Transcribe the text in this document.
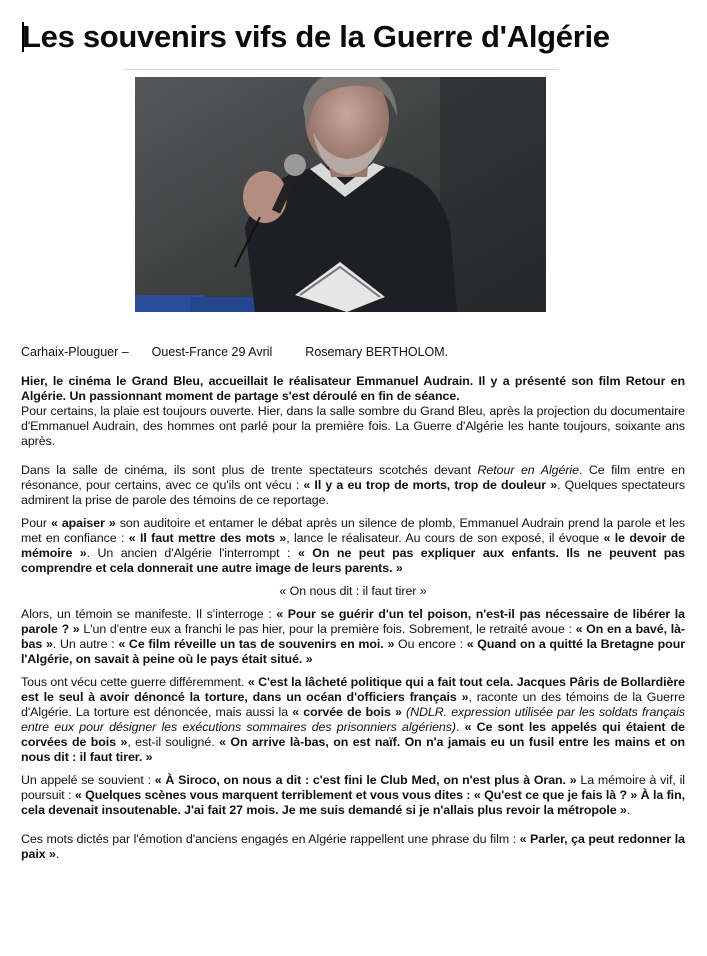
Les souvenirs vifs de la Guerre d'Algérie
Carhaix-Plouguer – Ouest-France 29 Avril	Rosemary BERTHOLOM.

Hier, le cinéma le Grand Bleu, accueillait le réalisateur Emmanuel Audrain. Il y a présenté son film Retour en Algérie. Un passionnant moment de partage s'est déroulé en fin de séance.

Pour certains, la plaie est toujours ouverte. Hier, dans la salle sombre du Grand Bleu, après la projection du documentaire d'Emmanuel Audrain, des hommes ont parlé pour la première fois. La Guerre d'Algérie les hante toujours, soixante ans après.

Dans la salle de cinéma, ils sont plus de trente spectateurs scotchés devant Retour en Algérie. Ce film entre en résonance, pour certains, avec ce qu'ils ont vécu : « Il y a eu trop de morts, trop de douleur ». Quelques spectateurs admirent la prise de parole des témoins de ce reportage.

Pour « apaiser » son auditoire et entamer le débat après un silence de plomb, Emmanuel Audrain prend la parole et les met en confiance : « Il faut mettre des mots », lance le réalisateur. Au cours de son exposé, il évoque « le devoir de mémoire ». Un ancien d'Algérie l'interrompt : « On ne peut pas expliquer aux enfants. Ils ne peuvent pas comprendre et cela donnerait une autre image de leurs parents. »

« On nous dit : il faut tirer »

Alors, un témoin se manifeste. Il s'interroge : « Pour se guérir d'un tel poison, n'est-il pas nécessaire de libérer la parole ? » L'un d'entre eux a franchi le pas hier, pour la première fois. Sobrement, le retraité avoue : « On en a bavé, là-bas ». Un autre : « Ce film réveille un tas de souvenirs en moi. » Ou encore : « Quand on a quitté la Bretagne pour l'Algérie, on savait à peine où le pays était situé. »

Tous ont vécu cette guerre différemment. « C'est la lâcheté politique qui a fait tout cela. Jacques Pâris de Bollardière est le seul à avoir dénoncé la torture, dans un océan d'officiers français », raconte un des témoins de la Guerre d'Algérie. La torture est dénoncée, mais aussi la « corvée de bois » (NDLR. expression utilisée par les soldats français entre eux pour désigner les exécutions sommaires des prisonniers algériens). « Ce sont les appelés qui étaient de corvées de bois », est-il souligné. « On arrive là-bas, on est naïf. On n'a jamais eu un fusil entre les mains et on nous dit : il faut tirer. »

Un appelé se souvient : « À Siroco, on nous a dit : c'est fini le Club Med, on n'est plus à Oran. » La mémoire à vif, il poursuit : « Quelques scènes vous marquent terriblement et vous vous dites : « Qu'est ce que je fais là ? » À la fin, cela devenait insoutenable. J'ai fait 27 mois. Je me suis demandé si je n'allais plus revoir la métropole ».

Ces mots dictés par l'émotion d'anciens engagés en Algérie rappellent une phrase du film : « Parler, ça peut redonner la paix ».
